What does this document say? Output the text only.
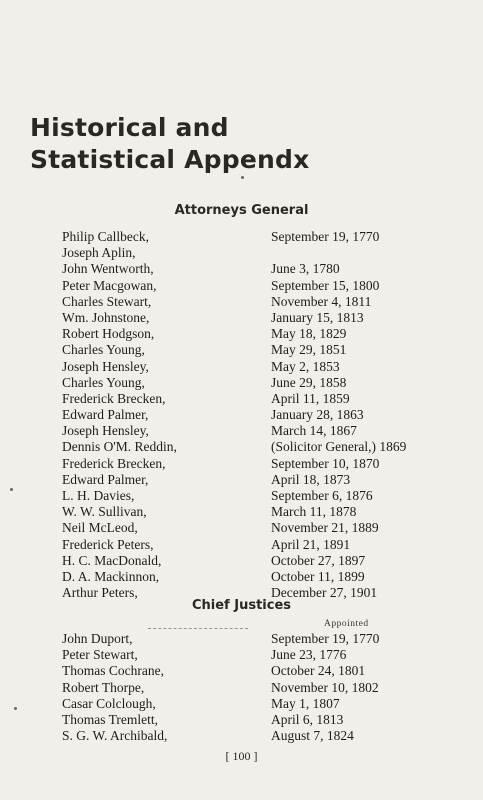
Historical and
Statistical Appendx
Attorneys General
Philip Callbeck,	September 19, 1770
Joseph Aplin,
John Wentworth,	June 3, 1780
Peter Macgowan,	September 15, 1800
Charles Stewart,	November 4, 1811
Wm. Johnstone,	January 15, 1813
Robert Hodgson,	May 18, 1829
Charles Young,	May 29, 1851
Joseph Hensley,	May 2, 1853
Charles Young,	June 29, 1858
Frederick Brecken,	April 11, 1859
Edward Palmer,	January 28, 1863
Joseph Hensley,	March 14, 1867
Dennis O'M. Reddin,	(Solicitor General,) 1869
Frederick Brecken,	September 10, 1870
Edward Palmer,	April 18, 1873
L. H. Davies,	September 6, 1876
W. W. Sullivan,	March 11, 1878
Neil McLeod,	November 21, 1889
Frederick Peters,	April 21, 1891
H. C. MacDonald,	October 27, 1897
D. A. Mackinnon,	October 11, 1899
Arthur Peters,	December 27, 1901
Chief Justices
Appointed
John Duport,	September 19, 1770
Peter Stewart,	June 23, 1776
Thomas Cochrane,	October 24, 1801
Robert Thorpe,	November 10, 1802
Casar Colclough,	May 1, 1807
Thomas Tremlett,	April 6, 1813
S. G. W. Archibald,	August 7, 1824
[ 100 ]
